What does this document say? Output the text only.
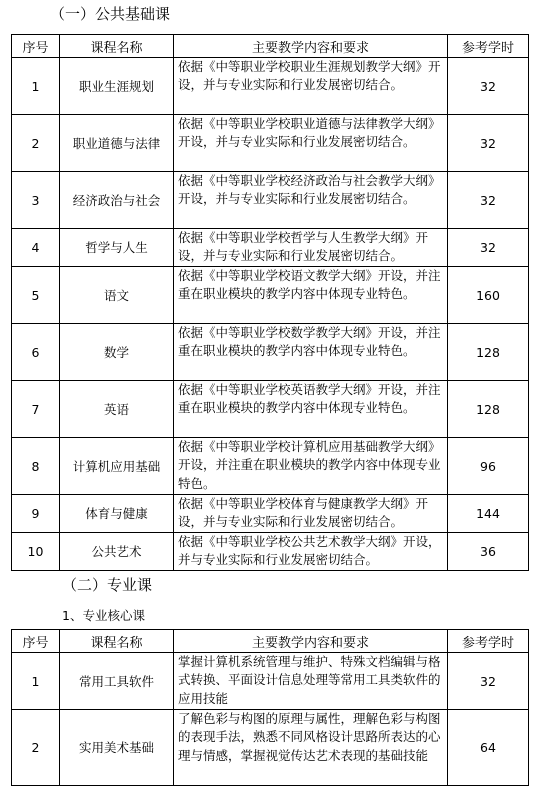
（一）公共基础课
序号	课程名称	主要教学内容和要求	参考学时
1	职业生涯规划	依据《中等职业学校职业生涯规划教学大纲》开设，并与专业实际和行业发展密切结合。	32
2	职业道德与法律	依据《中等职业学校职业道德与法律教学大纲》开设，并与专业实际和行业发展密切结合。	32
3	经济政治与社会	依据《中等职业学校经济政治与社会教学大纲》开设，并与专业实际和行业发展密切结合。	32
4	哲学与人生	依据《中等职业学校哲学与人生教学大纲》开设，并与专业实际和行业发展密切结合。	32
5	语文	依据《中等职业学校语文教学大纲》开设，并注重在职业模块的教学内容中体现专业特色。	160
6	数学	依据《中等职业学校数学教学大纲》开设，并注重在职业模块的教学内容中体现专业特色。	128
7	英语	依据《中等职业学校英语教学大纲》开设，并注重在职业模块的教学内容中体现专业特色。	128
8	计算机应用基础	依据《中等职业学校计算机应用基础教学大纲》开设，并注重在职业模块的教学内容中体现专业特色。	96
9	体育与健康	依据《中等职业学校体育与健康教学大纲》开设，并与专业实际和行业发展密切结合。	144
10	公共艺术	依据《中等职业学校公共艺术教学大纲》开设，并与专业实际和行业发展密切结合。	36
（二）专业课
1、专业核心课
序号	课程名称	主要教学内容和要求	参考学时
1	常用工具软件	掌握计算机系统管理与维护、特殊文档编辑与格式转换、平面设计信息处理等常用工具类软件的应用技能	32
2	实用美术基础	了解色彩与构图的原理与属性，理解色彩与构图的表现手法，熟悉不同风格设计思路所表达的心理与情感，掌握视觉传达艺术表现的基础技能	64
